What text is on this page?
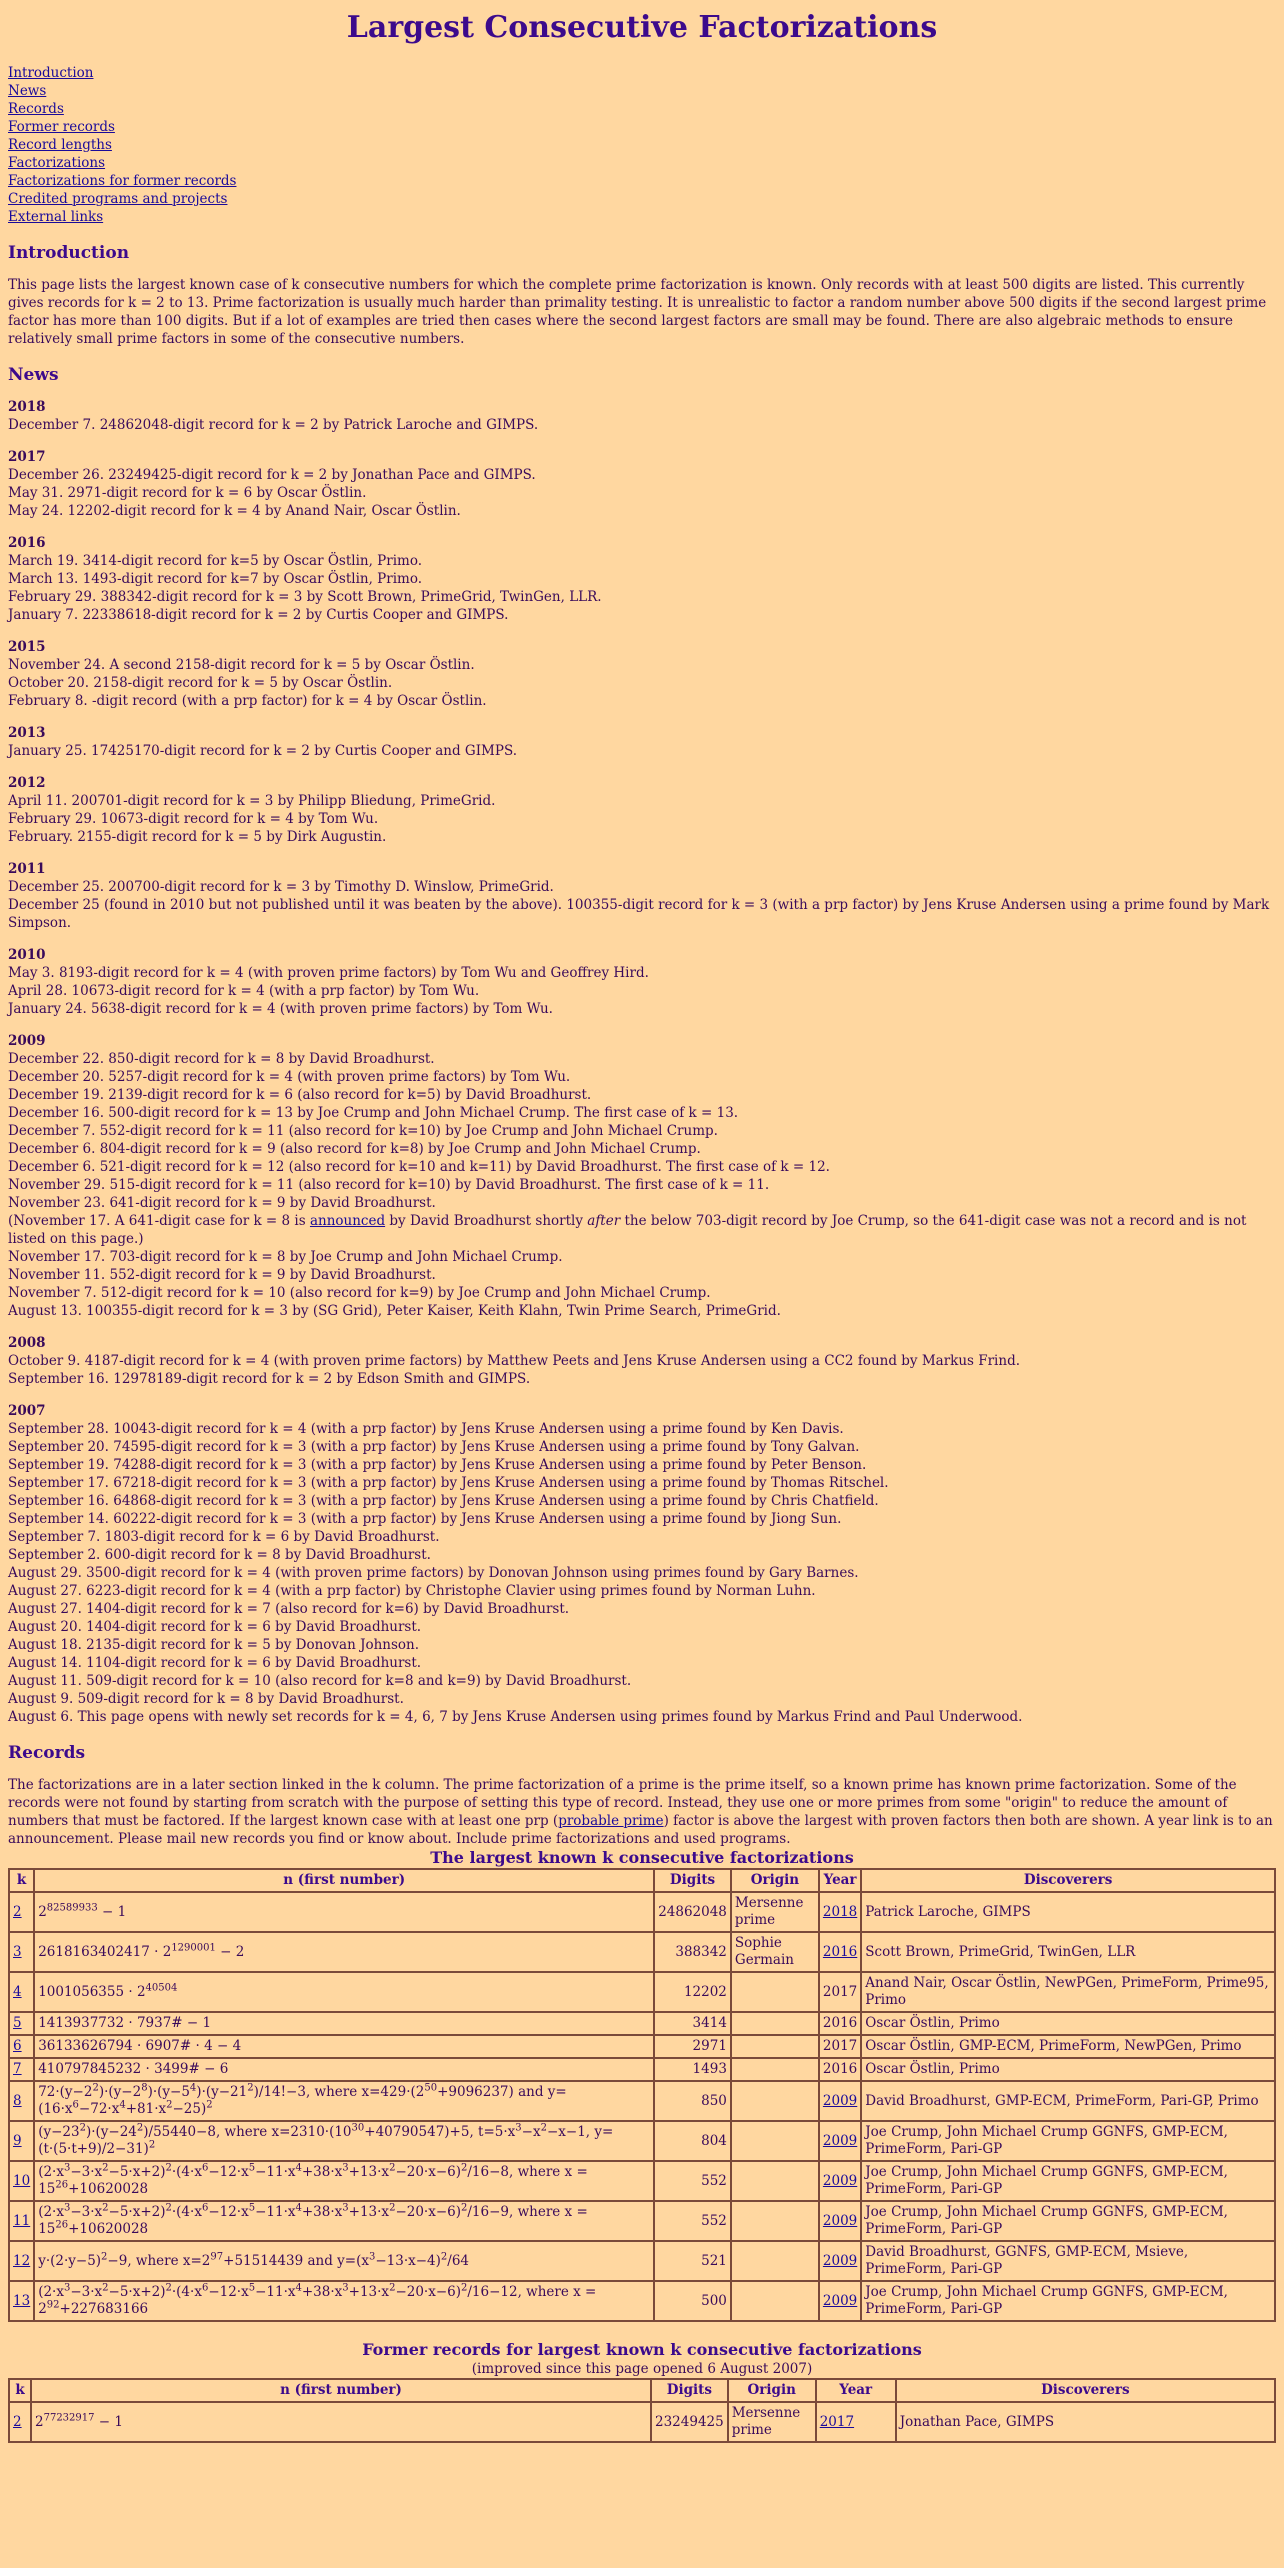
Largest Consecutive Factorizations
Introduction
News
Records
Former records
Record lengths
Factorizations
Factorizations for former records
Credited programs and projects
External links
Introduction

This page lists the largest known case of k consecutive numbers for which the complete prime factorization is known. Only records with at least 500 digits are listed. This currently gives records for k = 2 to 13. Prime factorization is usually much harder than primality testing. It is unrealistic to factor a random number above 500 digits if the second largest prime factor has more than 100 digits. But if a lot of examples are tried then cases where the second largest factors are small may be found. There are also algebraic methods to ensure relatively small prime factors in some of the consecutive numbers.

News
2018
December 7. 24862048-digit record for k = 2 by Patrick Laroche and GIMPS.
2017
December 26. 23249425-digit record for k = 2 by Jonathan Pace and GIMPS.
May 31. 2971-digit record for k = 6 by Oscar Östlin.
May 24. 12202-digit record for k = 4 by Anand Nair, Oscar Östlin.
2016
March 19. 3414-digit record for k=5 by Oscar Östlin, Primo.
March 13. 1493-digit record for k=7 by Oscar Östlin, Primo.
February 29. 388342-digit record for k = 3 by Scott Brown, PrimeGrid, TwinGen, LLR.
January 7. 22338618-digit record for k = 2 by Curtis Cooper and GIMPS.
2015
November 24. A second 2158-digit record for k = 5 by Oscar Östlin.
October 20. 2158-digit record for k = 5 by Oscar Östlin.
February 8. -digit record (with a prp factor) for k = 4 by Oscar Östlin.
2013
January 25. 17425170-digit record for k = 2 by Curtis Cooper and GIMPS.
2012
April 11. 200701-digit record for k = 3 by Philipp Bliedung, PrimeGrid.
February 29. 10673-digit record for k = 4 by Tom Wu.
February. 2155-digit record for k = 5 by Dirk Augustin.
2011
December 25. 200700-digit record for k = 3 by Timothy D. Winslow, PrimeGrid.
December 25 (found in 2010 but not published until it was beaten by the above). 100355-digit record for k = 3 (with a prp factor) by Jens Kruse Andersen using a prime found by Mark Simpson.
2010
May 3. 8193-digit record for k = 4 (with proven prime factors) by Tom Wu and Geoffrey Hird.
April 28. 10673-digit record for k = 4 (with a prp factor) by Tom Wu.
January 24. 5638-digit record for k = 4 (with proven prime factors) by Tom Wu.
2009
December 22. 850-digit record for k = 8 by David Broadhurst.
December 20. 5257-digit record for k = 4 (with proven prime factors) by Tom Wu.
December 19. 2139-digit record for k = 6 (also record for k=5) by David Broadhurst.
December 16. 500-digit record for k = 13 by Joe Crump and John Michael Crump. The first case of k = 13.
December 7. 552-digit record for k = 11 (also record for k=10) by Joe Crump and John Michael Crump.
December 6. 804-digit record for k = 9 (also record for k=8) by Joe Crump and John Michael Crump.
December 6. 521-digit record for k = 12 (also record for k=10 and k=11) by David Broadhurst. The first case of k = 12.
November 29. 515-digit record for k = 11 (also record for k=10) by David Broadhurst. The first case of k = 11.
November 23. 641-digit record for k = 9 by David Broadhurst.
(November 17. A 641-digit case for k = 8 is announced by David Broadhurst shortly after the below 703-digit record by Joe Crump, so the 641-digit case was not a record and is not listed on this page.)
November 17. 703-digit record for k = 8 by Joe Crump and John Michael Crump.
November 11. 552-digit record for k = 9 by David Broadhurst.
November 7. 512-digit record for k = 10 (also record for k=9) by Joe Crump and John Michael Crump.
August 13. 100355-digit record for k = 3 by (SG Grid), Peter Kaiser, Keith Klahn, Twin Prime Search, PrimeGrid.
2008
October 9. 4187-digit record for k = 4 (with proven prime factors) by Matthew Peets and Jens Kruse Andersen using a CC2 found by Markus Frind.
September 16. 12978189-digit record for k = 2 by Edson Smith and GIMPS.
2007
September 28. 10043-digit record for k = 4 (with a prp factor) by Jens Kruse Andersen using a prime found by Ken Davis.
September 20. 74595-digit record for k = 3 (with a prp factor) by Jens Kruse Andersen using a prime found by Tony Galvan.
September 19. 74288-digit record for k = 3 (with a prp factor) by Jens Kruse Andersen using a prime found by Peter Benson.
September 17. 67218-digit record for k = 3 (with a prp factor) by Jens Kruse Andersen using a prime found by Thomas Ritschel.
September 16. 64868-digit record for k = 3 (with a prp factor) by Jens Kruse Andersen using a prime found by Chris Chatfield.
September 14. 60222-digit record for k = 3 (with a prp factor) by Jens Kruse Andersen using a prime found by Jiong Sun.
September 7. 1803-digit record for k = 6 by David Broadhurst.
September 2. 600-digit record for k = 8 by David Broadhurst.
August 29. 3500-digit record for k = 4 (with proven prime factors) by Donovan Johnson using primes found by Gary Barnes.
August 27. 6223-digit record for k = 4 (with a prp factor) by Christophe Clavier using primes found by Norman Luhn.
August 27. 1404-digit record for k = 7 (also record for k=6) by David Broadhurst.
August 20. 1404-digit record for k = 6 by David Broadhurst.
August 18. 2135-digit record for k = 5 by Donovan Johnson.
August 14. 1104-digit record for k = 6 by David Broadhurst.
August 11. 509-digit record for k = 10 (also record for k=8 and k=9) by David Broadhurst.
August 9. 509-digit record for k = 8 by David Broadhurst.
August 6. This page opens with newly set records for k = 4, 6, 7 by Jens Kruse Andersen using primes found by Markus Frind and Paul Underwood.
Records

The factorizations are in a later section linked in the k column. The prime factorization of a prime is the prime itself, so a known prime has known prime factorization. Some of the records were not found by starting from scratch with the purpose of setting this type of record. Instead, they use one or more primes from some "origin" to reduce the amount of numbers that must be factored. If the largest known case with at least one prp (probable prime) factor is above the largest with proven factors then both are shown. A year link is to an announcement. Please mail new records you find or know about. Include prime factorizations and used programs.

The largest known k consecutive factorizations
k	n (first number)	Digits	Origin	Year	Discoverers
2	$2^{82589933} - 1$	24862048	Mersenne prime	2018	Patrick Laroche, GIMPS
3	$2618163402417 \cdot 2^{1290001} - 2$	388342	Sophie Germain	2016	Scott Brown, PrimeGrid, TwinGen, LLR
4	$1001056355 \cdot 2^{40504}$	12202		2017	Anand Nair, Oscar Östlin, NewPGen, PrimeForm, Prime95, Primo
5	1413937732 · 7937# − 1	3414		2016	Oscar Östlin, Primo
6	36133626794 · 6907# · 4 − 4	2971		2017	Oscar Östlin, GMP-ECM, PrimeForm, NewPGen, Primo
7	410797845232 · 3499# − 6	1493		2016	Oscar Östlin, Primo
8	$72\cdot(y-2^2)\cdot(y-2^8)\cdot(y-5^4)\cdot(y-21^2)/14!-3$, where $x=429\cdot(2^{50}+9096237)$ and $y=(16\cdot x^6-72\cdot x^4+81\cdot x^2-25)^2$	850		2009	David Broadhurst, GMP-ECM, PrimeForm, Pari-GP, Primo
9	$(y-23^2)\cdot(y-24^2)/55440-8$, where $x=2310\cdot(10^{30}+40790547)+5$, $t=5\cdot x^3-x^2-x-1$, $y=(t\cdot(5\cdot t+9)/2-31)^2$	804		2009	Joe Crump, John Michael Crump GGNFS, GMP-ECM, PrimeForm, Pari-GP
10	$(2\cdot x^3-3\cdot x^2-5\cdot x+2)^2\cdot(4\cdot x^6-12\cdot x^5-11\cdot x^4+38\cdot x^3+13\cdot x^2-20\cdot x-6)^2/16-8$, where $x = 15^{26}+10620028$	552		2009	Joe Crump, John Michael Crump GGNFS, GMP-ECM, PrimeForm, Pari-GP
11	$(2\cdot x^3-3\cdot x^2-5\cdot x+2)^2\cdot(4\cdot x^6-12\cdot x^5-11\cdot x^4+38\cdot x^3+13\cdot x^2-20\cdot x-6)^2/16-9$, where $x = 15^{26}+10620028$	552		2009	Joe Crump, John Michael Crump GGNFS, GMP-ECM, PrimeForm, Pari-GP
12	$y\cdot(2\cdot y-5)^2-9$, where $x=2^{97}+51514439$ and $y=(x^3-13\cdot x-4)^2/64$	521		2009	David Broadhurst, GGNFS, GMP-ECM, Msieve, PrimeForm, Pari-GP
13	$(2\cdot x^3-3\cdot x^2-5\cdot x+2)^2\cdot(4\cdot x^6-12\cdot x^5-11\cdot x^4+38\cdot x^3+13\cdot x^2-20\cdot x-6)^2/16-12$, where $x = 2^{92}+227683166$	500		2009	Joe Crump, John Michael Crump GGNFS, GMP-ECM, PrimeForm, Pari-GP
Former records for largest known k consecutive factorizations
(improved since this page opened 6 August 2007)
k	n (first number)	Digits	Origin	Year	Discoverers
2	$2^{77232917} - 1$	23249425	Mersenne prime	2017	Jonathan Pace, GIMPS
